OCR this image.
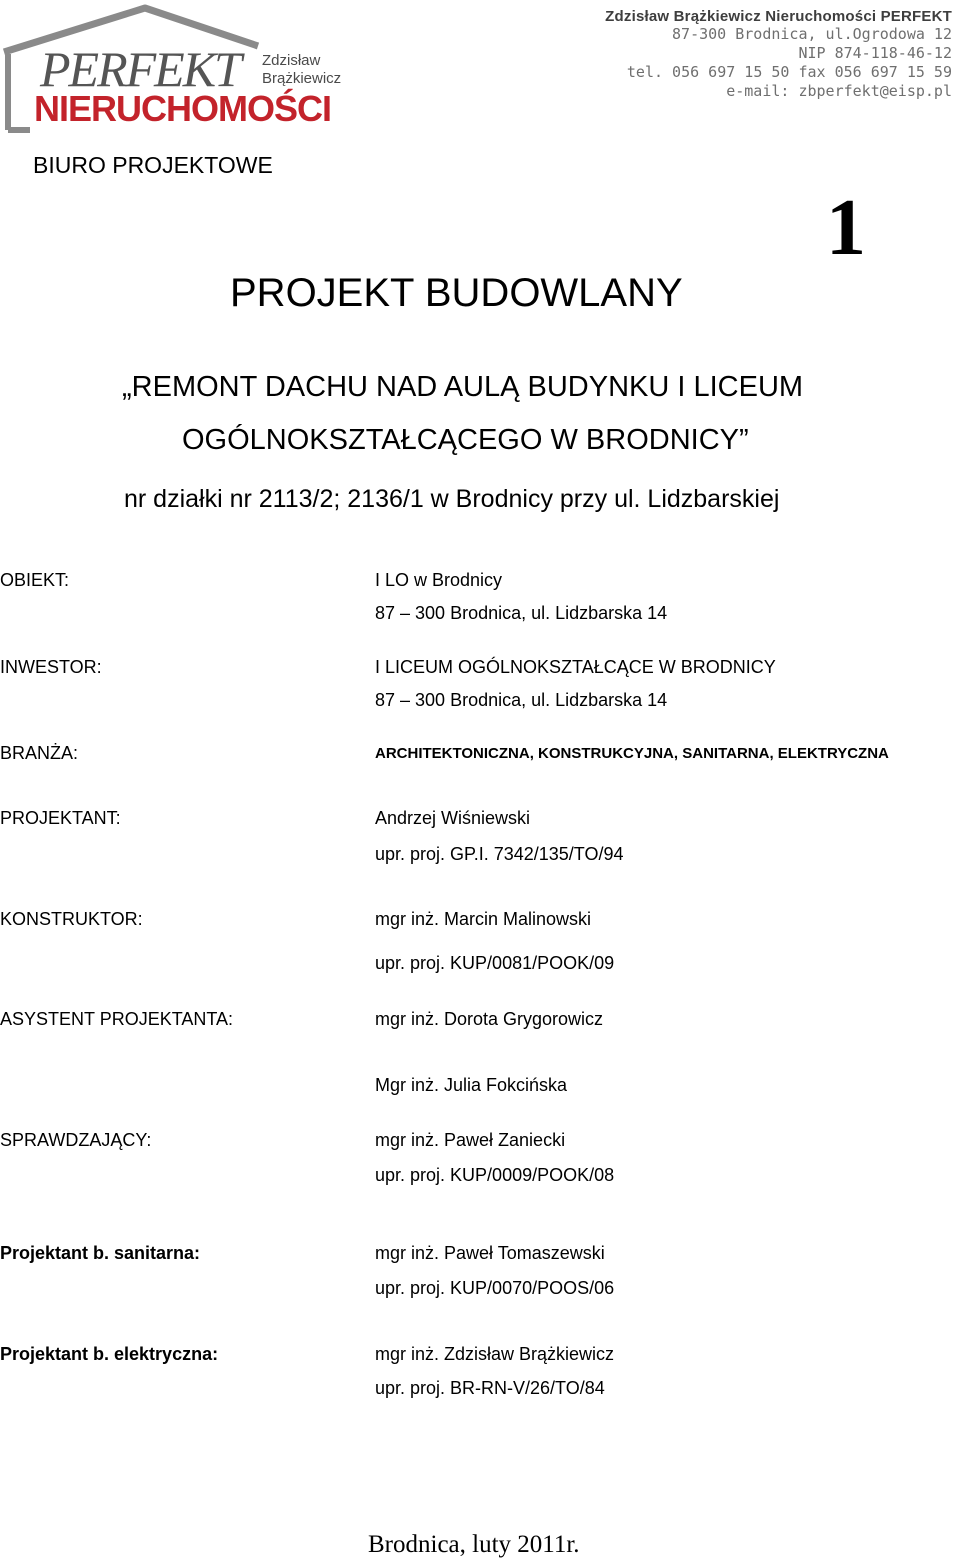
PERFEKT	Zdzisław
Brążkiewicz
NIERUCHOMOŚCI
Zdzisław Brążkiewicz Nieruchomości PERFEKT
87-300 Brodnica, ul.Ogrodowa 12
NIP 874-118-46-12
tel. 056 697 15 50 fax 056 697 15 59
e-mail: zbperfekt@eisp.pl
BIURO PROJEKTOWE
1
PROJEKT BUDOWLANY
„REMONT DACHU NAD AULĄ BUDYNKU I LICEUM
OGÓLNOKSZTAŁCĄCEGO W BRODNICY”
nr działki nr 2113/2; 2136/1 w Brodnicy przy ul. Lidzbarskiej
OBIEKT:	I LO w Brodnicy
87 – 300 Brodnica, ul. Lidzbarska 14
INWESTOR:	I LICEUM OGÓLNOKSZTAŁCĄCE W BRODNICY
87 – 300 Brodnica, ul. Lidzbarska 14
BRANŻA:	ARCHITEKTONICZNA, KONSTRUKCYJNA, SANITARNA, ELEKTRYCZNA
PROJEKTANT:	Andrzej Wiśniewski
upr. proj. GP.I. 7342/135/TO/94
KONSTRUKTOR:	mgr inż. Marcin Malinowski
upr. proj. KUP/0081/POOK/09
ASYSTENT PROJEKTANTA:	mgr inż. Dorota Grygorowicz
Mgr inż. Julia Fokcińska
SPRAWDZAJĄCY:	mgr inż. Paweł Zaniecki
upr. proj. KUP/0009/POOK/08
Projektant b. sanitarna:	mgr inż. Paweł Tomaszewski
upr. proj. KUP/0070/POOS/06
Projektant b. elektryczna:	mgr inż. Zdzisław Brążkiewicz
upr. proj. BR-RN-V/26/TO/84
Brodnica, luty 2011r.
